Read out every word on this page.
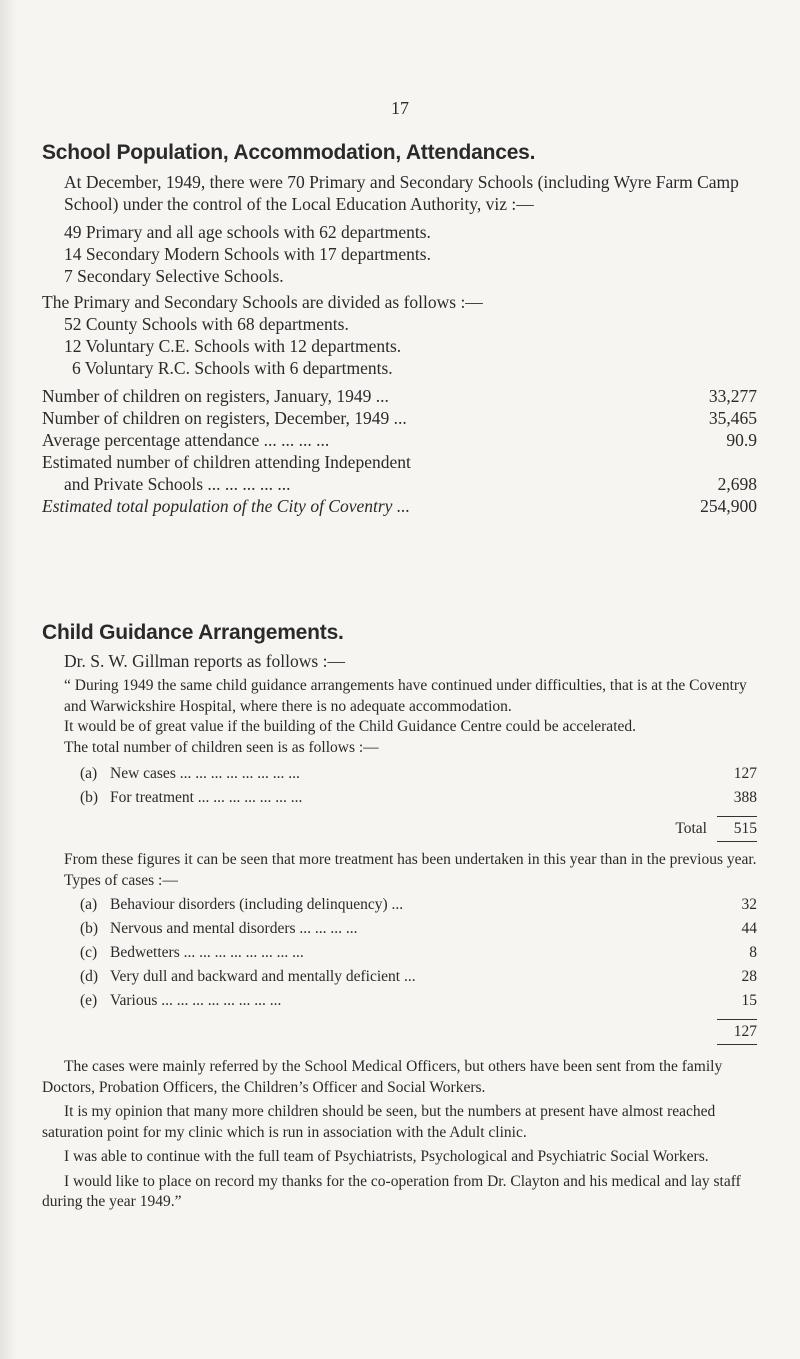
17
School Population, Accommodation, Attendances.

At December, 1949, there were 70 Primary and Secondary Schools (including Wyre Farm Camp School) under the control of the Local Education Authority, viz :—

49 Primary and all age schools with 62 departments.

14 Secondary Modern Schools with 17 departments.

7 Secondary Selective Schools.

The Primary and Secondary Schools are divided as follows :—

52 County Schools with 68 departments.

12 Voluntary C.E. Schools with 12 departments.

6 Voluntary R.C. Schools with 6 departments.

Number of children on registers, January, 1949 ...	33,277
Number of children on registers, December, 1949 ...	35,465
Average percentage attendance ... ... ... ...	90.9
Estimated number of children attending Independent
and Private Schools ... ... ... ... ...	2,698
Estimated total population of the City of Coventry ...	254,900
Child Guidance Arrangements.

Dr. S. W. Gillman reports as follows :—

“ During 1949 the same child guidance arrangements have continued under difficulties, that is at the Coventry and Warwickshire Hospital, where there is no adequate accommodation.

It would be of great value if the building of the Child Guidance Centre could be accelerated.

The total number of children seen is as follows :—

(a) New cases ... ... ... ... ... ... ... ...	127
(b) For treatment ... ... ... ... ... ... ...	388
Total	515

From these figures it can be seen that more treatment has been undertaken in this year than in the previous year.

Types of cases :—

(a) Behaviour disorders (including delinquency) ...	32
(b) Nervous and mental disorders ... ... ... ...	44
(c) Bedwetters ... ... ... ... ... ... ... ...	8
(d) Very dull and backward and mentally deficient ...	28
(e) Various ... ... ... ... ... ... ... ...	15
127

The cases were mainly referred by the School Medical Officers, but others have been sent from the family Doctors, Probation Officers, the Children’s Officer and Social Workers.

It is my opinion that many more children should be seen, but the numbers at present have almost reached saturation point for my clinic which is run in association with the Adult clinic.

I was able to continue with the full team of Psychiatrists, Psychological and Psychiatric Social Workers.

I would like to place on record my thanks for the co-operation from Dr. Clayton and his medical and lay staff during the year 1949.”
